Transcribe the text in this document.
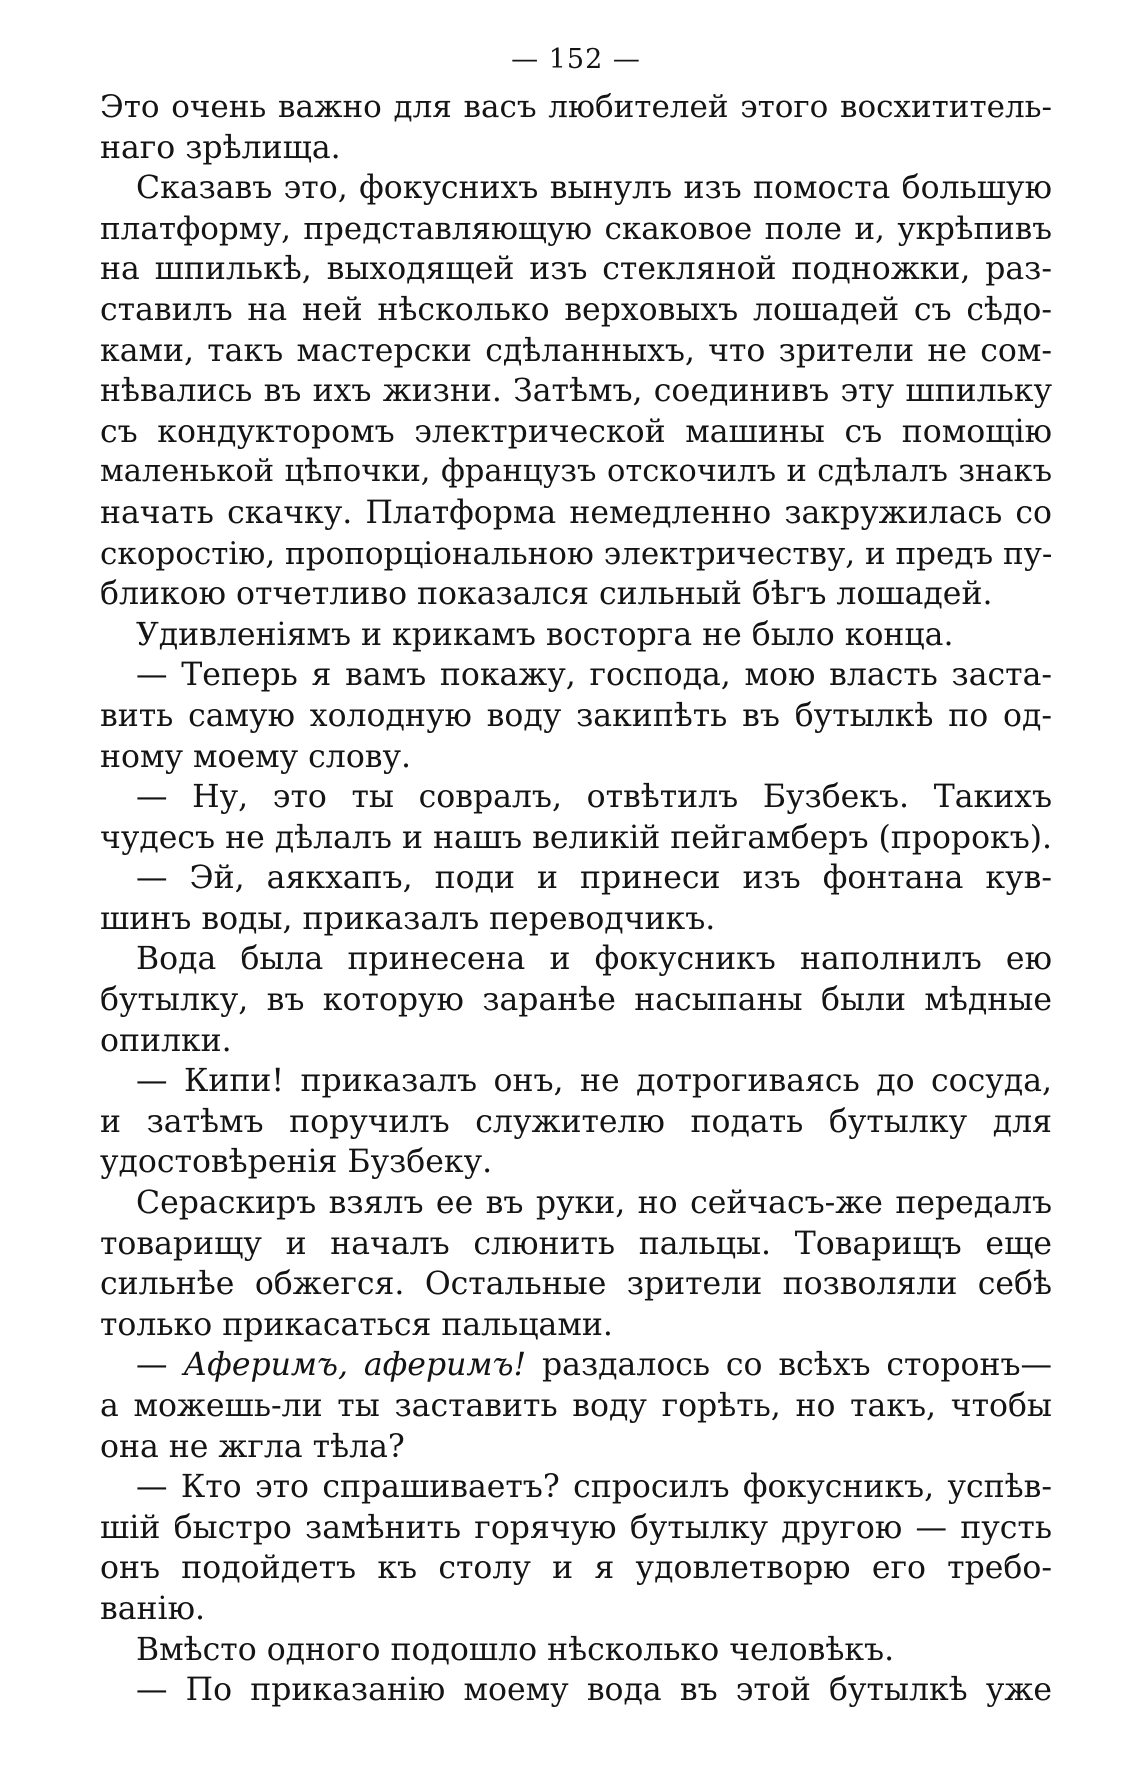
— 152 —
Это очень важно для васъ любителей этого восхититель-
наго зрѣлища.
Сказавъ это, фокуснихъ вынулъ изъ помоста большую
платформу, представляющую скаковое поле и, укрѣпивъ
на шпилькѣ, выходящей изъ стекляной подножки, раз-
ставилъ на ней нѣсколько верховыхъ лошадей съ сѣдо-
ками, такъ мастерски сдѣланныхъ, что зрители не сом-
нѣвались въ ихъ жизни. Затѣмъ, соединивъ эту шпильку
съ кондукторомъ электрической машины съ помощію
маленькой цѣпочки, французъ отскочилъ и сдѣлалъ знакъ
начать скачку. Платформа немедленно закружилась со
скоростію, пропорціональною электричеству, и предъ пу-
бликою отчетливо показался сильный бѣгъ лошадей.
Удивленіямъ и крикамъ восторга не было конца.
— Теперь я вамъ покажу, господа, мою власть заста-
вить самую холодную воду закипѣть въ бутылкѣ по од-
ному моему слову.
— Ну, это ты совралъ, отвѣтилъ Бузбекъ. Такихъ
чудесъ не дѣлалъ и нашъ великій пейгамберъ (пророкъ).
— Эй, аякхапъ, поди и принеси изъ фонтана кув-
шинъ воды, приказалъ переводчикъ.
Вода была принесена и фокусникъ наполнилъ ею
бутылку, въ которую заранѣе насыпаны были мѣдные
опилки.
— Кипи! приказалъ онъ, не дотрогиваясь до сосуда,
и затѣмъ поручилъ служителю подать бутылку для
удостовѣренія Бузбеку.
Сераскиръ взялъ ее въ руки, но сейчасъ-же передалъ
товарищу и началъ слюнить пальцы. Товарищъ еще
сильнѣе обжегся. Остальные зрители позволяли себѣ
только прикасаться пальцами.
— Аферимъ, аферимъ! раздалось со всѣхъ сторонъ—
а можешь-ли ты заставить воду горѣть, но такъ, чтобы
она не жгла тѣла?
— Кто это спрашиваетъ? спросилъ фокусникъ, успѣв-
шій быстро замѣнить горячую бутылку другою — пусть
онъ подойдетъ къ столу и я удовлетворю его требо-
ванію.
Вмѣсто одного подошло нѣсколько человѣкъ.
— По приказанію моему вода въ этой бутылкѣ уже
